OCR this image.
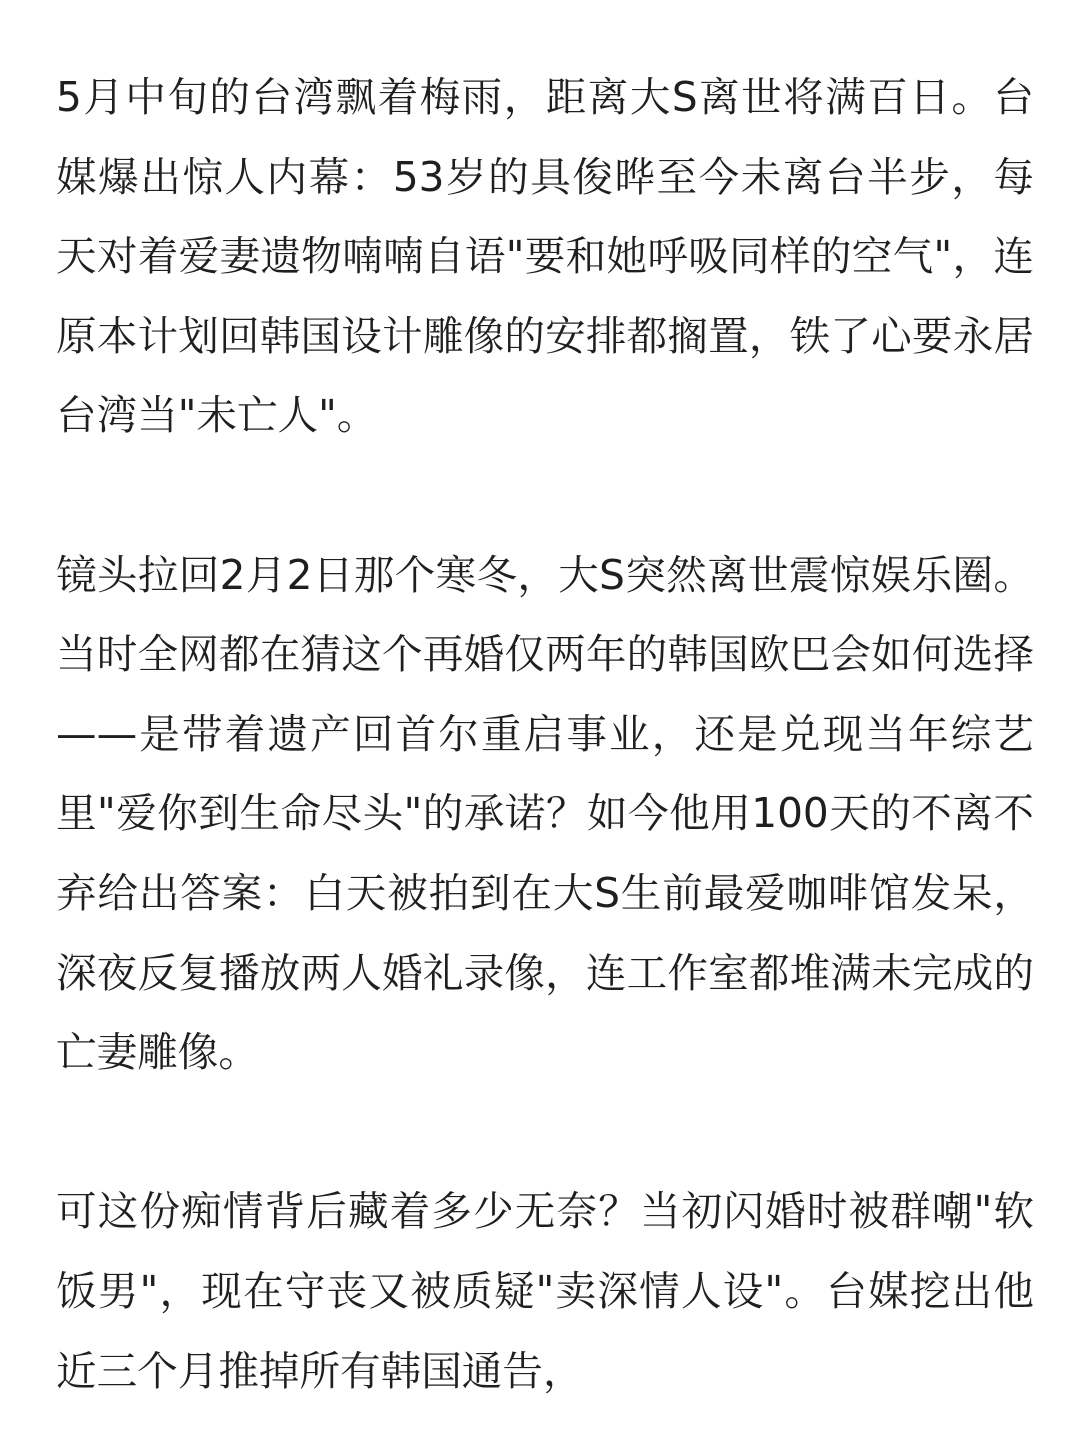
5月中旬的台湾飘着梅雨，距离大S离世将满百日。台媒爆出惊人内幕：53岁的具俊晔至今未离台半步，每天对着爱妻遗物喃喃自语"要和她呼吸同样的空气"，连原本计划回韩国设计雕像的安排都搁置，铁了心要永居台湾当"未亡人"。

镜头拉回2月2日那个寒冬，大S突然离世震惊娱乐圈。当时全网都在猜这个再婚仅两年的韩国欧巴会如何选择——是带着遗产回首尔重启事业，还是兑现当年综艺里"爱你到生命尽头"的承诺？如今他用100天的不离不弃给出答案：白天被拍到在大S生前最爱咖啡馆发呆，深夜反复播放两人婚礼录像，连工作室都堆满未完成的亡妻雕像。

可这份痴情背后藏着多少无奈？当初闪婚时被群嘲"软饭男"，现在守丧又被质疑"卖深情人设"。台媒挖出他近三个月推掉所有韩国通告，
